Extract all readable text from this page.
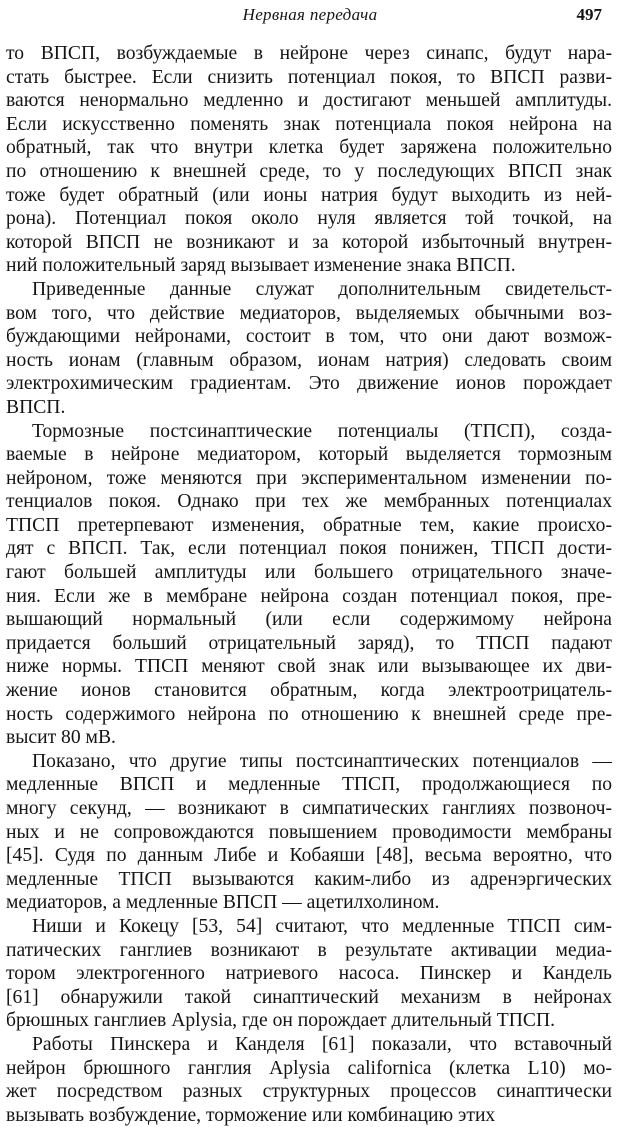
Нервная передача	497
то ВПСП, возбуждаемые в нейроне через синапс, будут нара-
стать быстрее. Если снизить потенциал покоя, то ВПСП разви-
ваются ненормально медленно и достигают меньшей амплитуды.
Если искусственно поменять знак потенциала покоя нейрона на
обратный, так что внутри клетка будет заряжена положительно
по отношению к внешней среде, то у последующих ВПСП знак
тоже будет обратный (или ионы натрия будут выходить из ней-
рона). Потенциал покоя около нуля является той точкой, на
которой ВПСП не возникают и за которой избыточный внутрен-
ний положительный заряд вызывает изменение знака ВПСП.
Приведенные данные служат дополнительным свидетельст-
вом того, что действие медиаторов, выделяемых обычными воз-
буждающими нейронами, состоит в том, что они дают возмож-
ность ионам (главным образом, ионам натрия) следовать своим
электрохимическим градиентам. Это движение ионов порождает
ВПСП.
Тормозные постсинаптические потенциалы (ТПСП), созда-
ваемые в нейроне медиатором, который выделяется тормозным
нейроном, тоже меняются при экспериментальном изменении по-
тенциалов покоя. Однако при тех же мембранных потенциалах
ТПСП претерпевают изменения, обратные тем, какие происхо-
дят с ВПСП. Так, если потенциал покоя понижен, ТПСП дости-
гают большей амплитуды или большего отрицательного значе-
ния. Если же в мембране нейрона создан потенциал покоя, пре-
вышающий нормальный (или если содержимому нейрона
придается больший отрицательный заряд), то ТПСП падают
ниже нормы. ТПСП меняют свой знак или вызывающее их дви-
жение ионов становится обратным, когда электроотрицатель-
ность содержимого нейрона по отношению к внешней среде пре-
высит 80 мВ.
Показано, что другие типы постсинаптических потенциалов —
медленные ВПСП и медленные ТПСП, продолжающиеся по
многу секунд, — возникают в симпатических ганглиях позвоноч-
ных и не сопровождаются повышением проводимости мембраны
[45]. Судя по данным Либе и Кобаяши [48], весьма вероятно, что
медленные ТПСП вызываются каким-либо из адренэргических
медиаторов, а медленные ВПСП — ацетилхолином.
Ниши и Кокецу [53, 54] считают, что медленные ТПСП сим-
патических ганглиев возникают в результате активации медиа-
тором электрогенного натриевого насоса. Пинскер и Кандель
[61] обнаружили такой синаптический механизм в нейронах
брюшных ганглиев Aplysia, где он порождает длительный ТПСП.
Работы Пинскера и Канделя [61] показали, что вставочный
нейрон брюшного ганглия Aplysia californica (клетка L10) мо-
жет посредством разных структурных процессов синаптически
вызывать возбуждение, торможение или комбинацию этих
